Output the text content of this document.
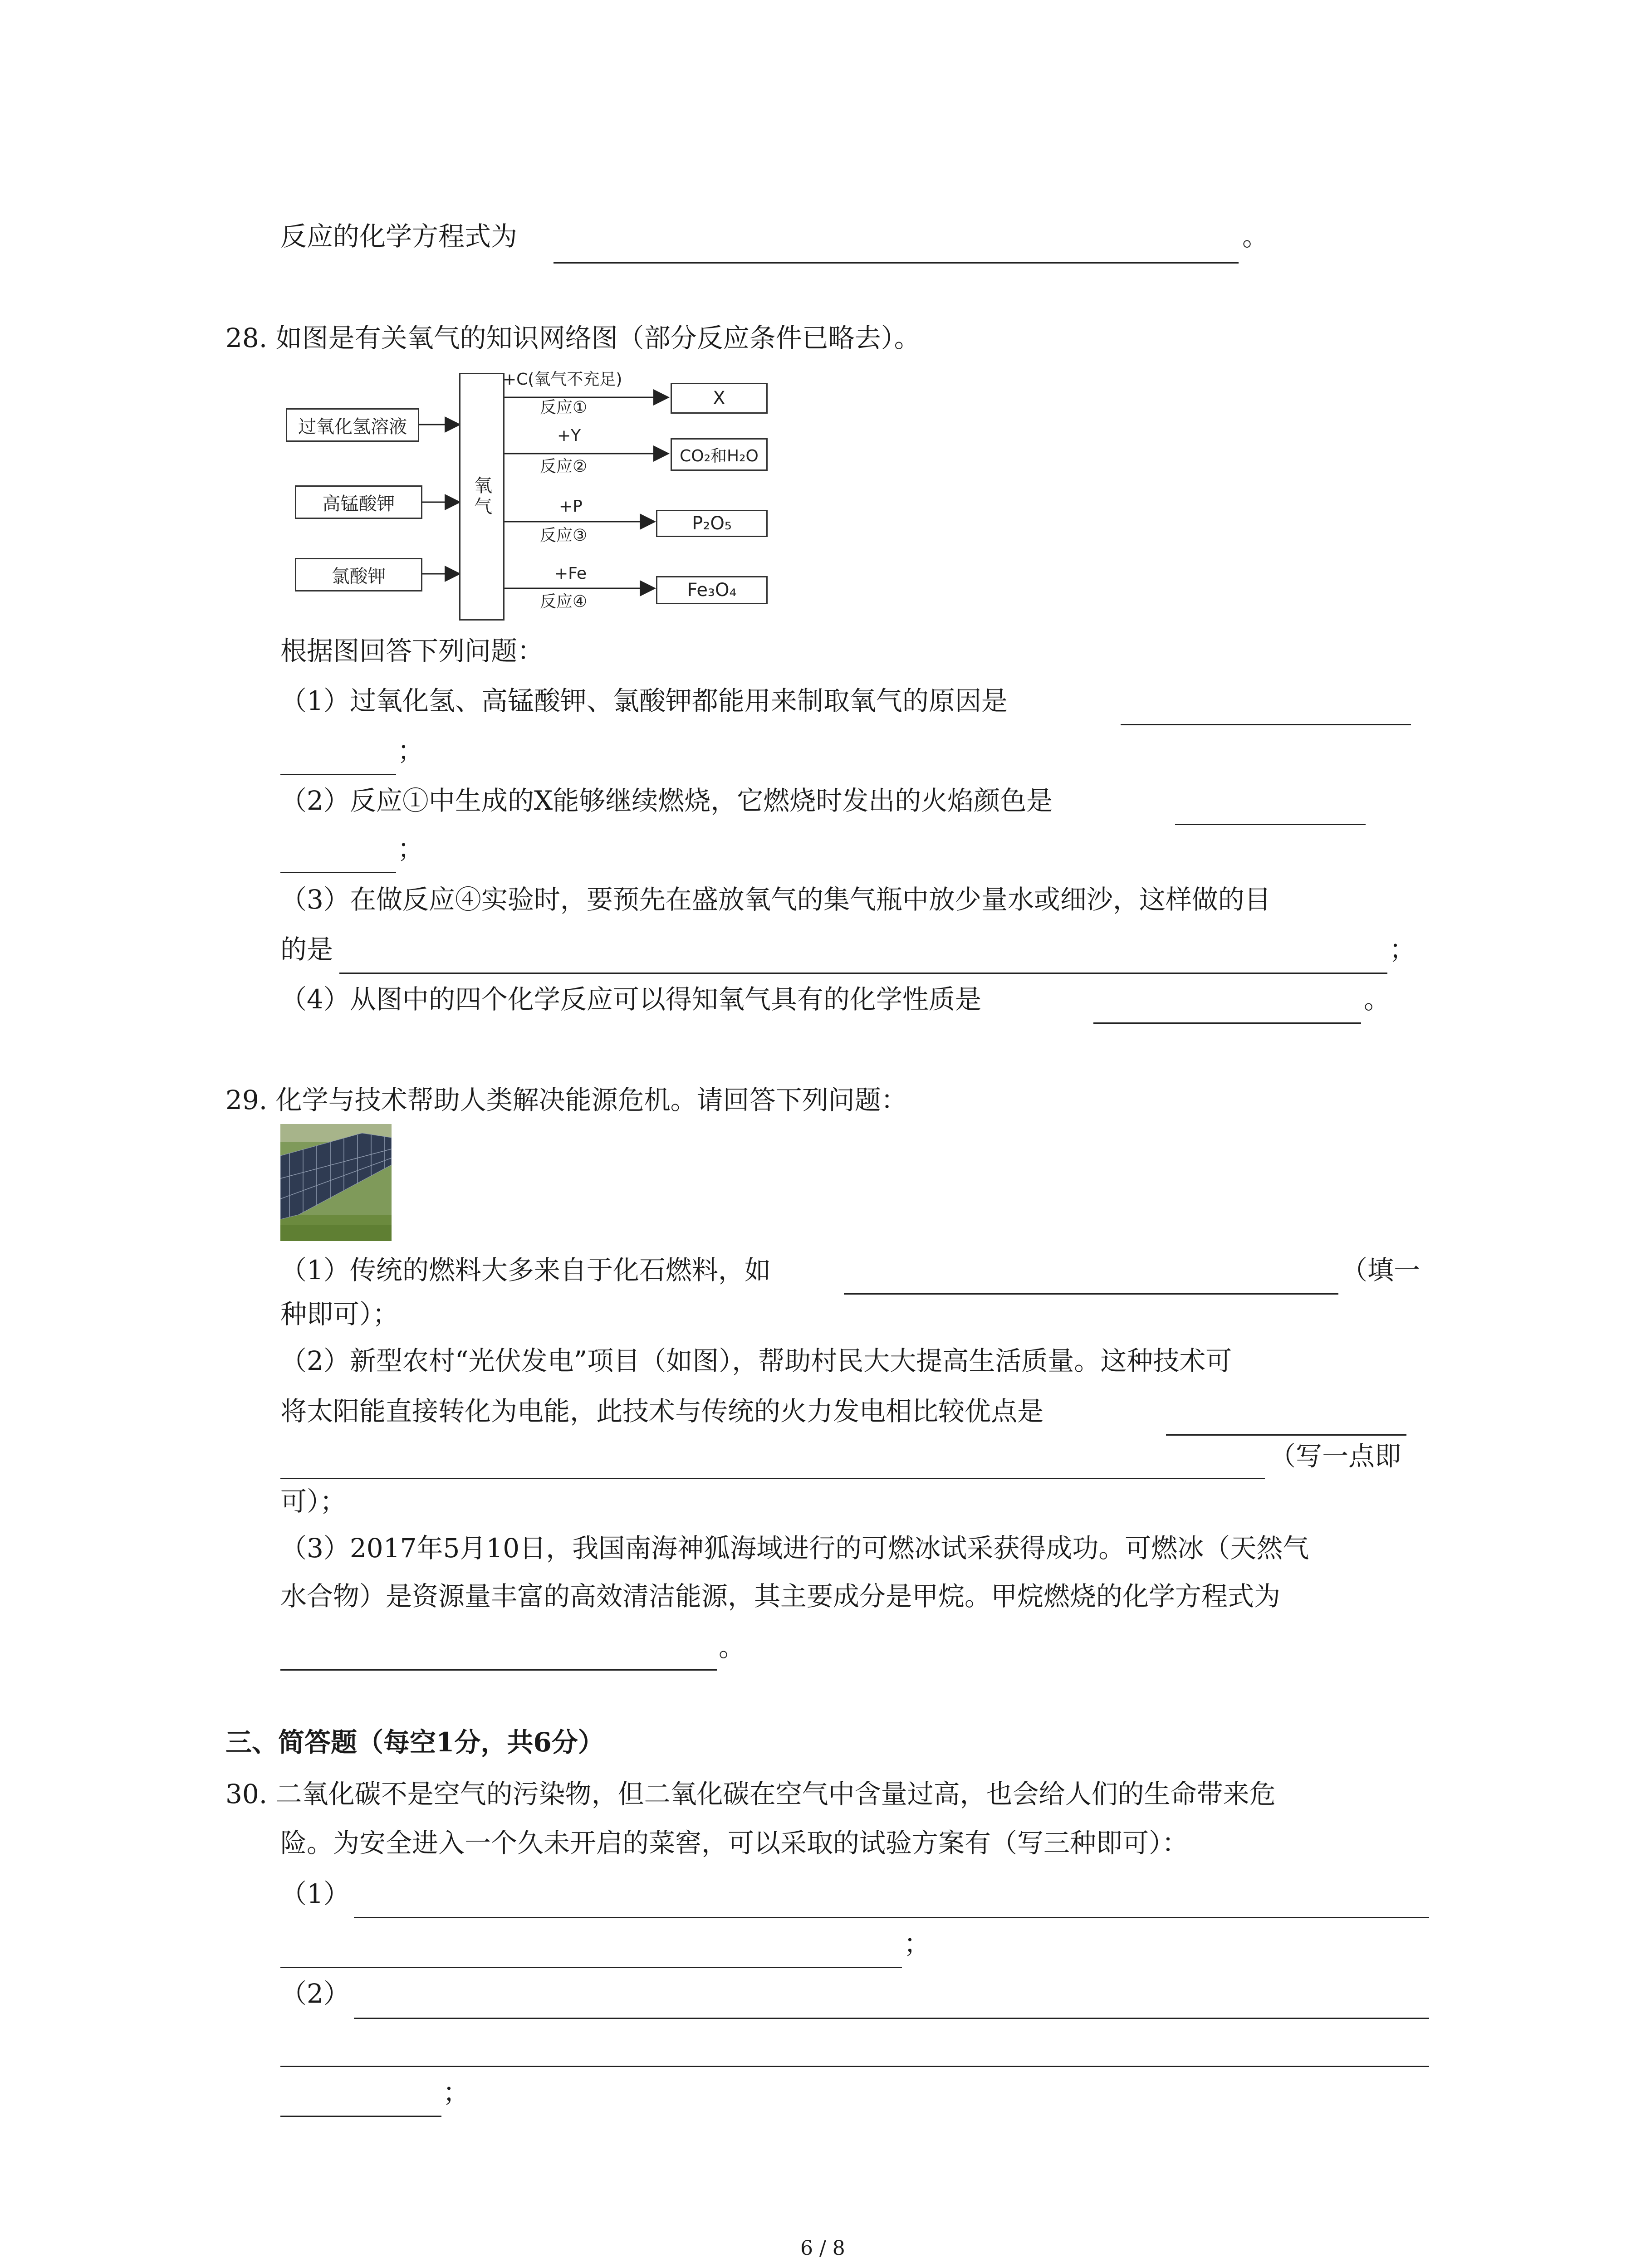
反应的化学方程式为	。
28. 如图是有关氧气的知识网络图（部分反应条件已略去）。
过氧化氢溶液
高锰酸钾
氯酸钾
氧气
+C(氧气不充足)
反应①	X
+Y
反应②
CO₂和H₂O
+P
反应③
P₂O₅
+Fe
反应④
Fe₃O₄
根据图回答下列问题：
（1）过氧化氢、高锰酸钾、氯酸钾都能用来制取氧气的原因是
；
（2）反应①中生成的X能够继续燃烧，它燃烧时发出的火焰颜色是
；
（3）在做反应④实验时，要预先在盛放氧气的集气瓶中放少量水或细沙，这样做的目
的是	；
（4）从图中的四个化学反应可以得知氧气具有的化学性质是	。
29. 化学与技术帮助人类解决能源危机。请回答下列问题：
（1）传统的燃料大多来自于化石燃料，如	（填一
种即可）；
（2）新型农村“光伏发电”项目（如图），帮助村民大大提高生活质量。这种技术可
将太阳能直接转化为电能，此技术与传统的火力发电相比较优点是
（写一点即
可）；
（3）2017年5月10日，我国南海神狐海域进行的可燃冰试采获得成功。可燃冰（天然气
水合物）是资源量丰富的高效清洁能源，其主要成分是甲烷。甲烷燃烧的化学方程式为
。
三、简答题（每空1分，共6分）
30. 二氧化碳不是空气的污染物，但二氧化碳在空气中含量过高，也会给人们的生命带来危
险。为安全进入一个久未开启的菜窖，可以采取的试验方案有（写三种即可）：
（1）
；
（2）
；
6 / 8
